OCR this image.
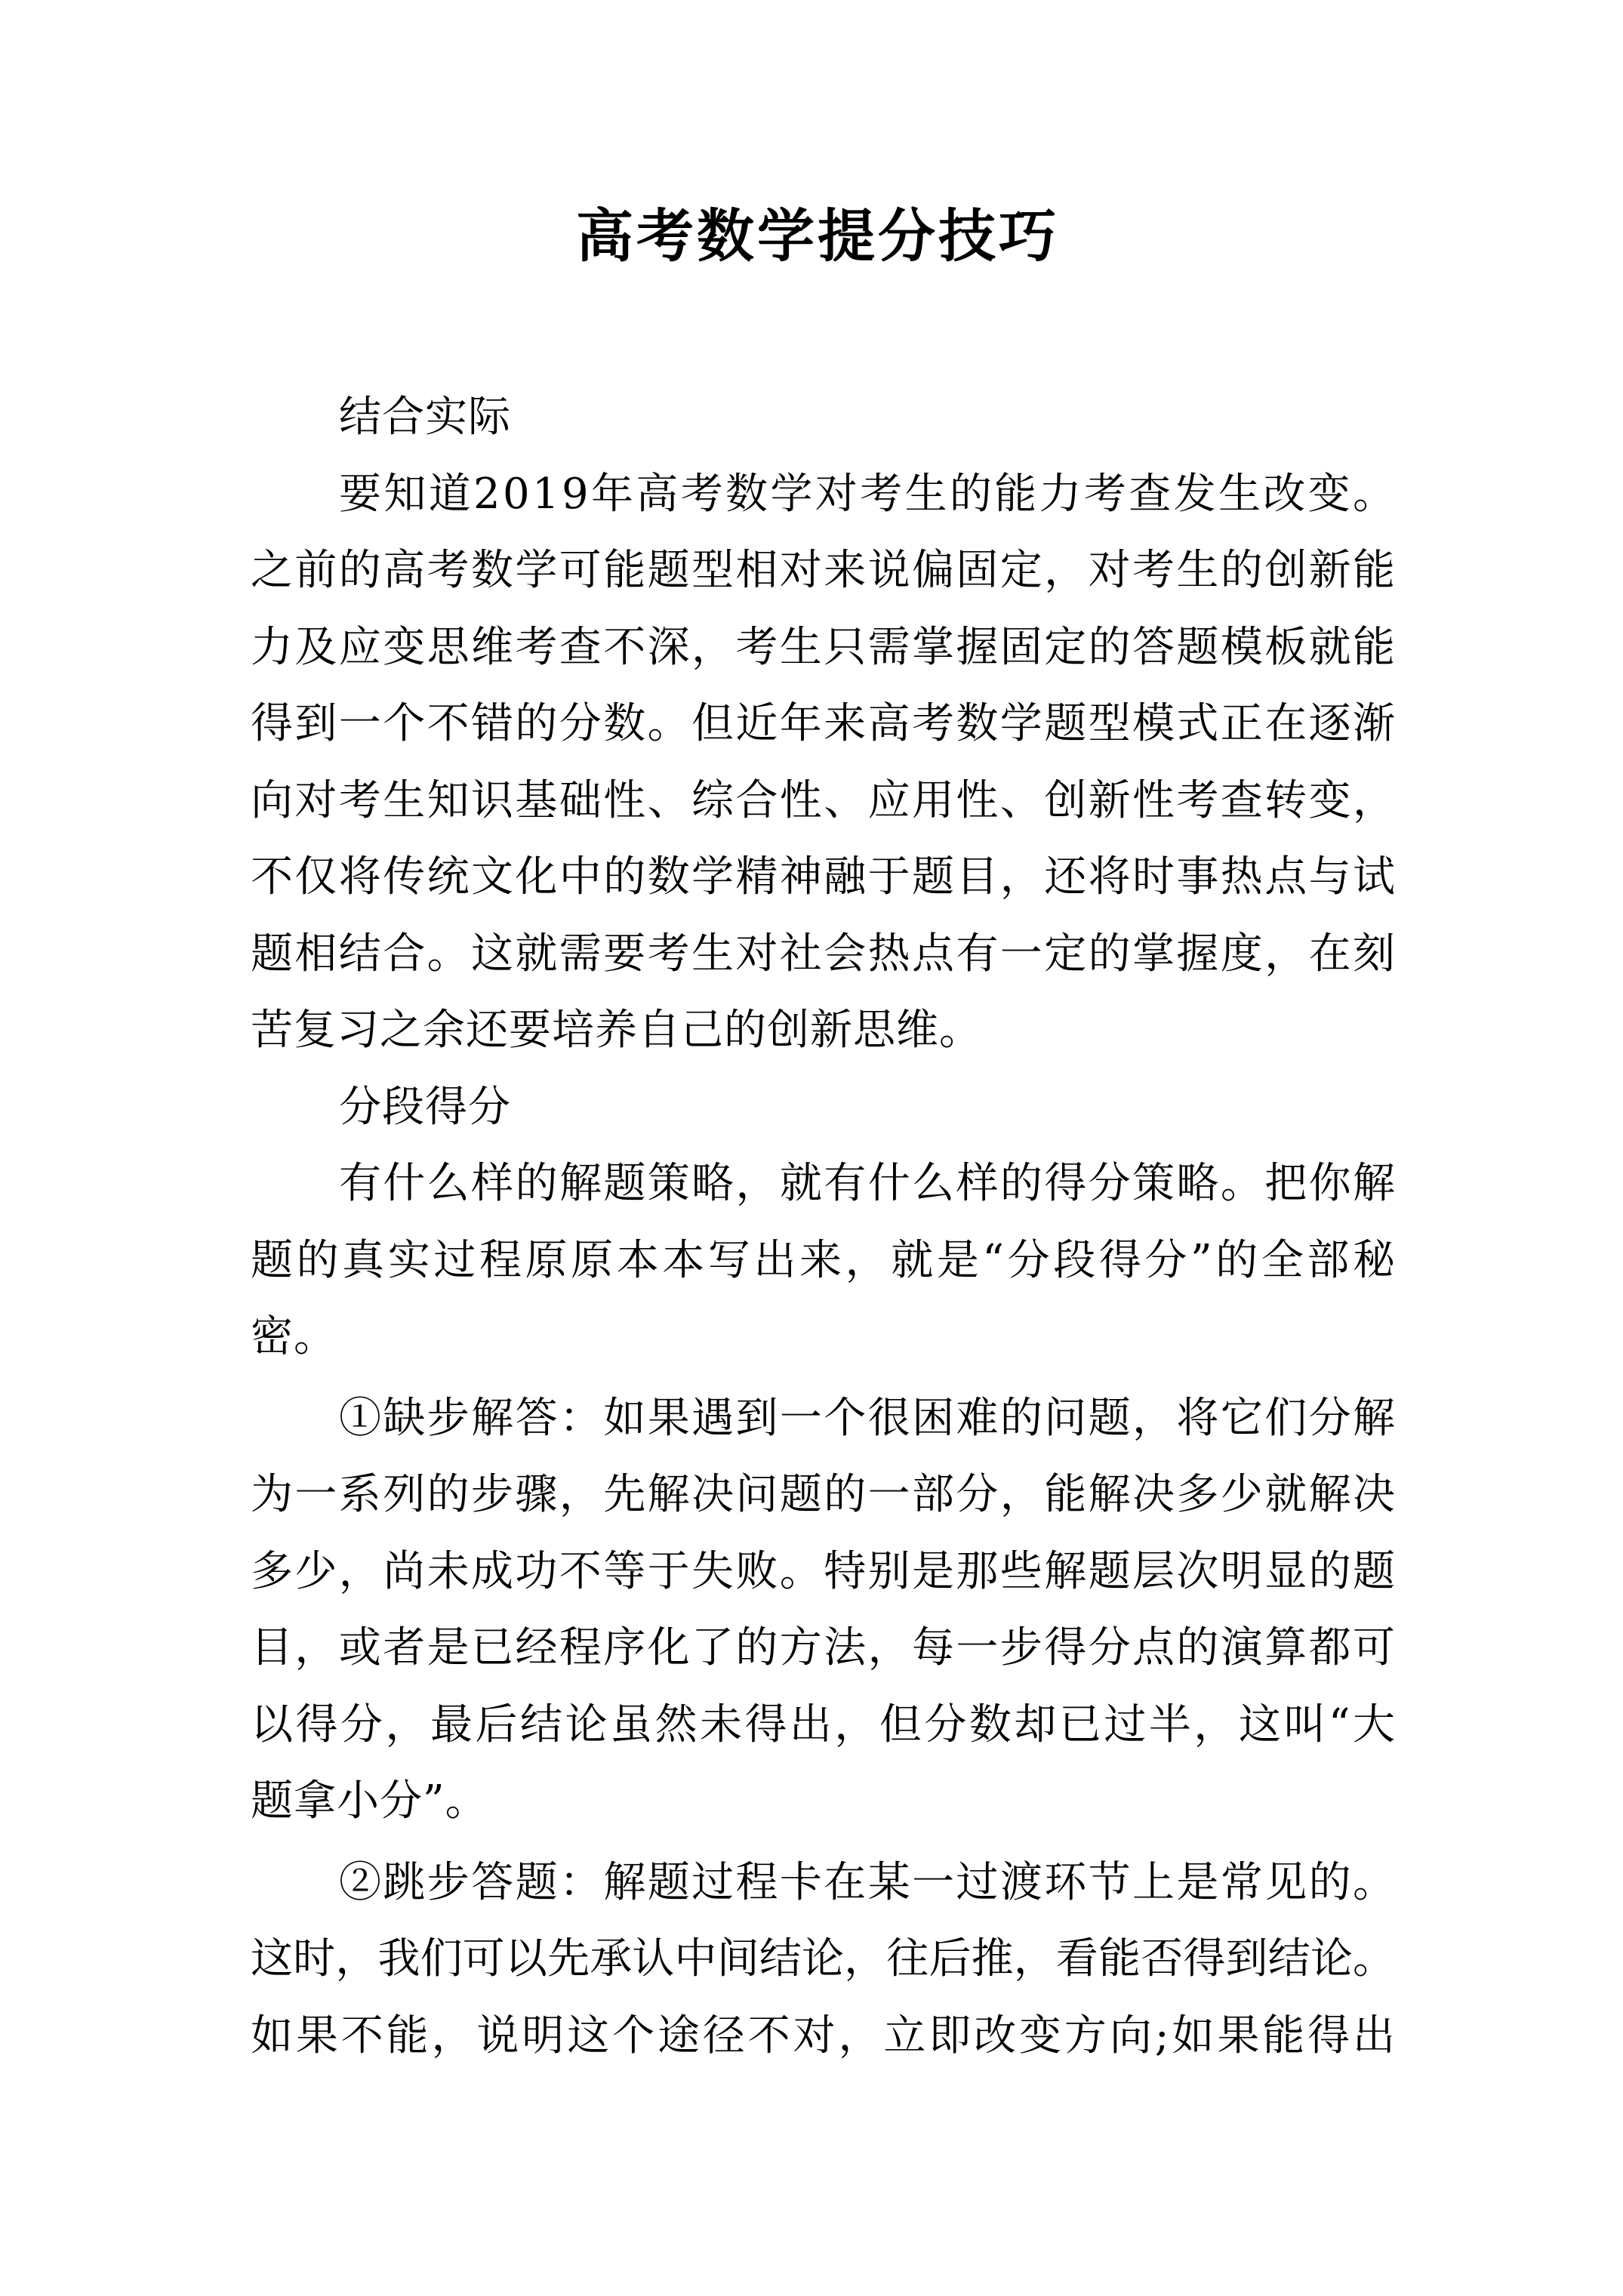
高考数学提分技巧
结合实际
要知道2019年高考数学对考生的能力考查发生改变。
之前的高考数学可能题型相对来说偏固定，对考生的创新能
力及应变思维考查不深，考生只需掌握固定的答题模板就能
得到一个不错的分数。但近年来高考数学题型模式正在逐渐
向对考生知识基础性、综合性、应用性、创新性考查转变，
不仅将传统文化中的数学精神融于题目，还将时事热点与试
题相结合。这就需要考生对社会热点有一定的掌握度，在刻
苦复习之余还要培养自己的创新思维。
分段得分
有什么样的解题策略，就有什么样的得分策略。把你解
题的真实过程原原本本写出来，就是“分段得分”的全部秘
密。
①缺步解答：如果遇到一个很困难的问题，将它们分解
为一系列的步骤，先解决问题的一部分，能解决多少就解决
多少，尚未成功不等于失败。特别是那些解题层次明显的题
目，或者是已经程序化了的方法，每一步得分点的演算都可
以得分，最后结论虽然未得出，但分数却已过半，这叫“大
题拿小分”。
②跳步答题：解题过程卡在某一过渡环节上是常见的。
这时，我们可以先承认中间结论，往后推，看能否得到结论。
如果不能，说明这个途径不对，立即改变方向;如果能得出
